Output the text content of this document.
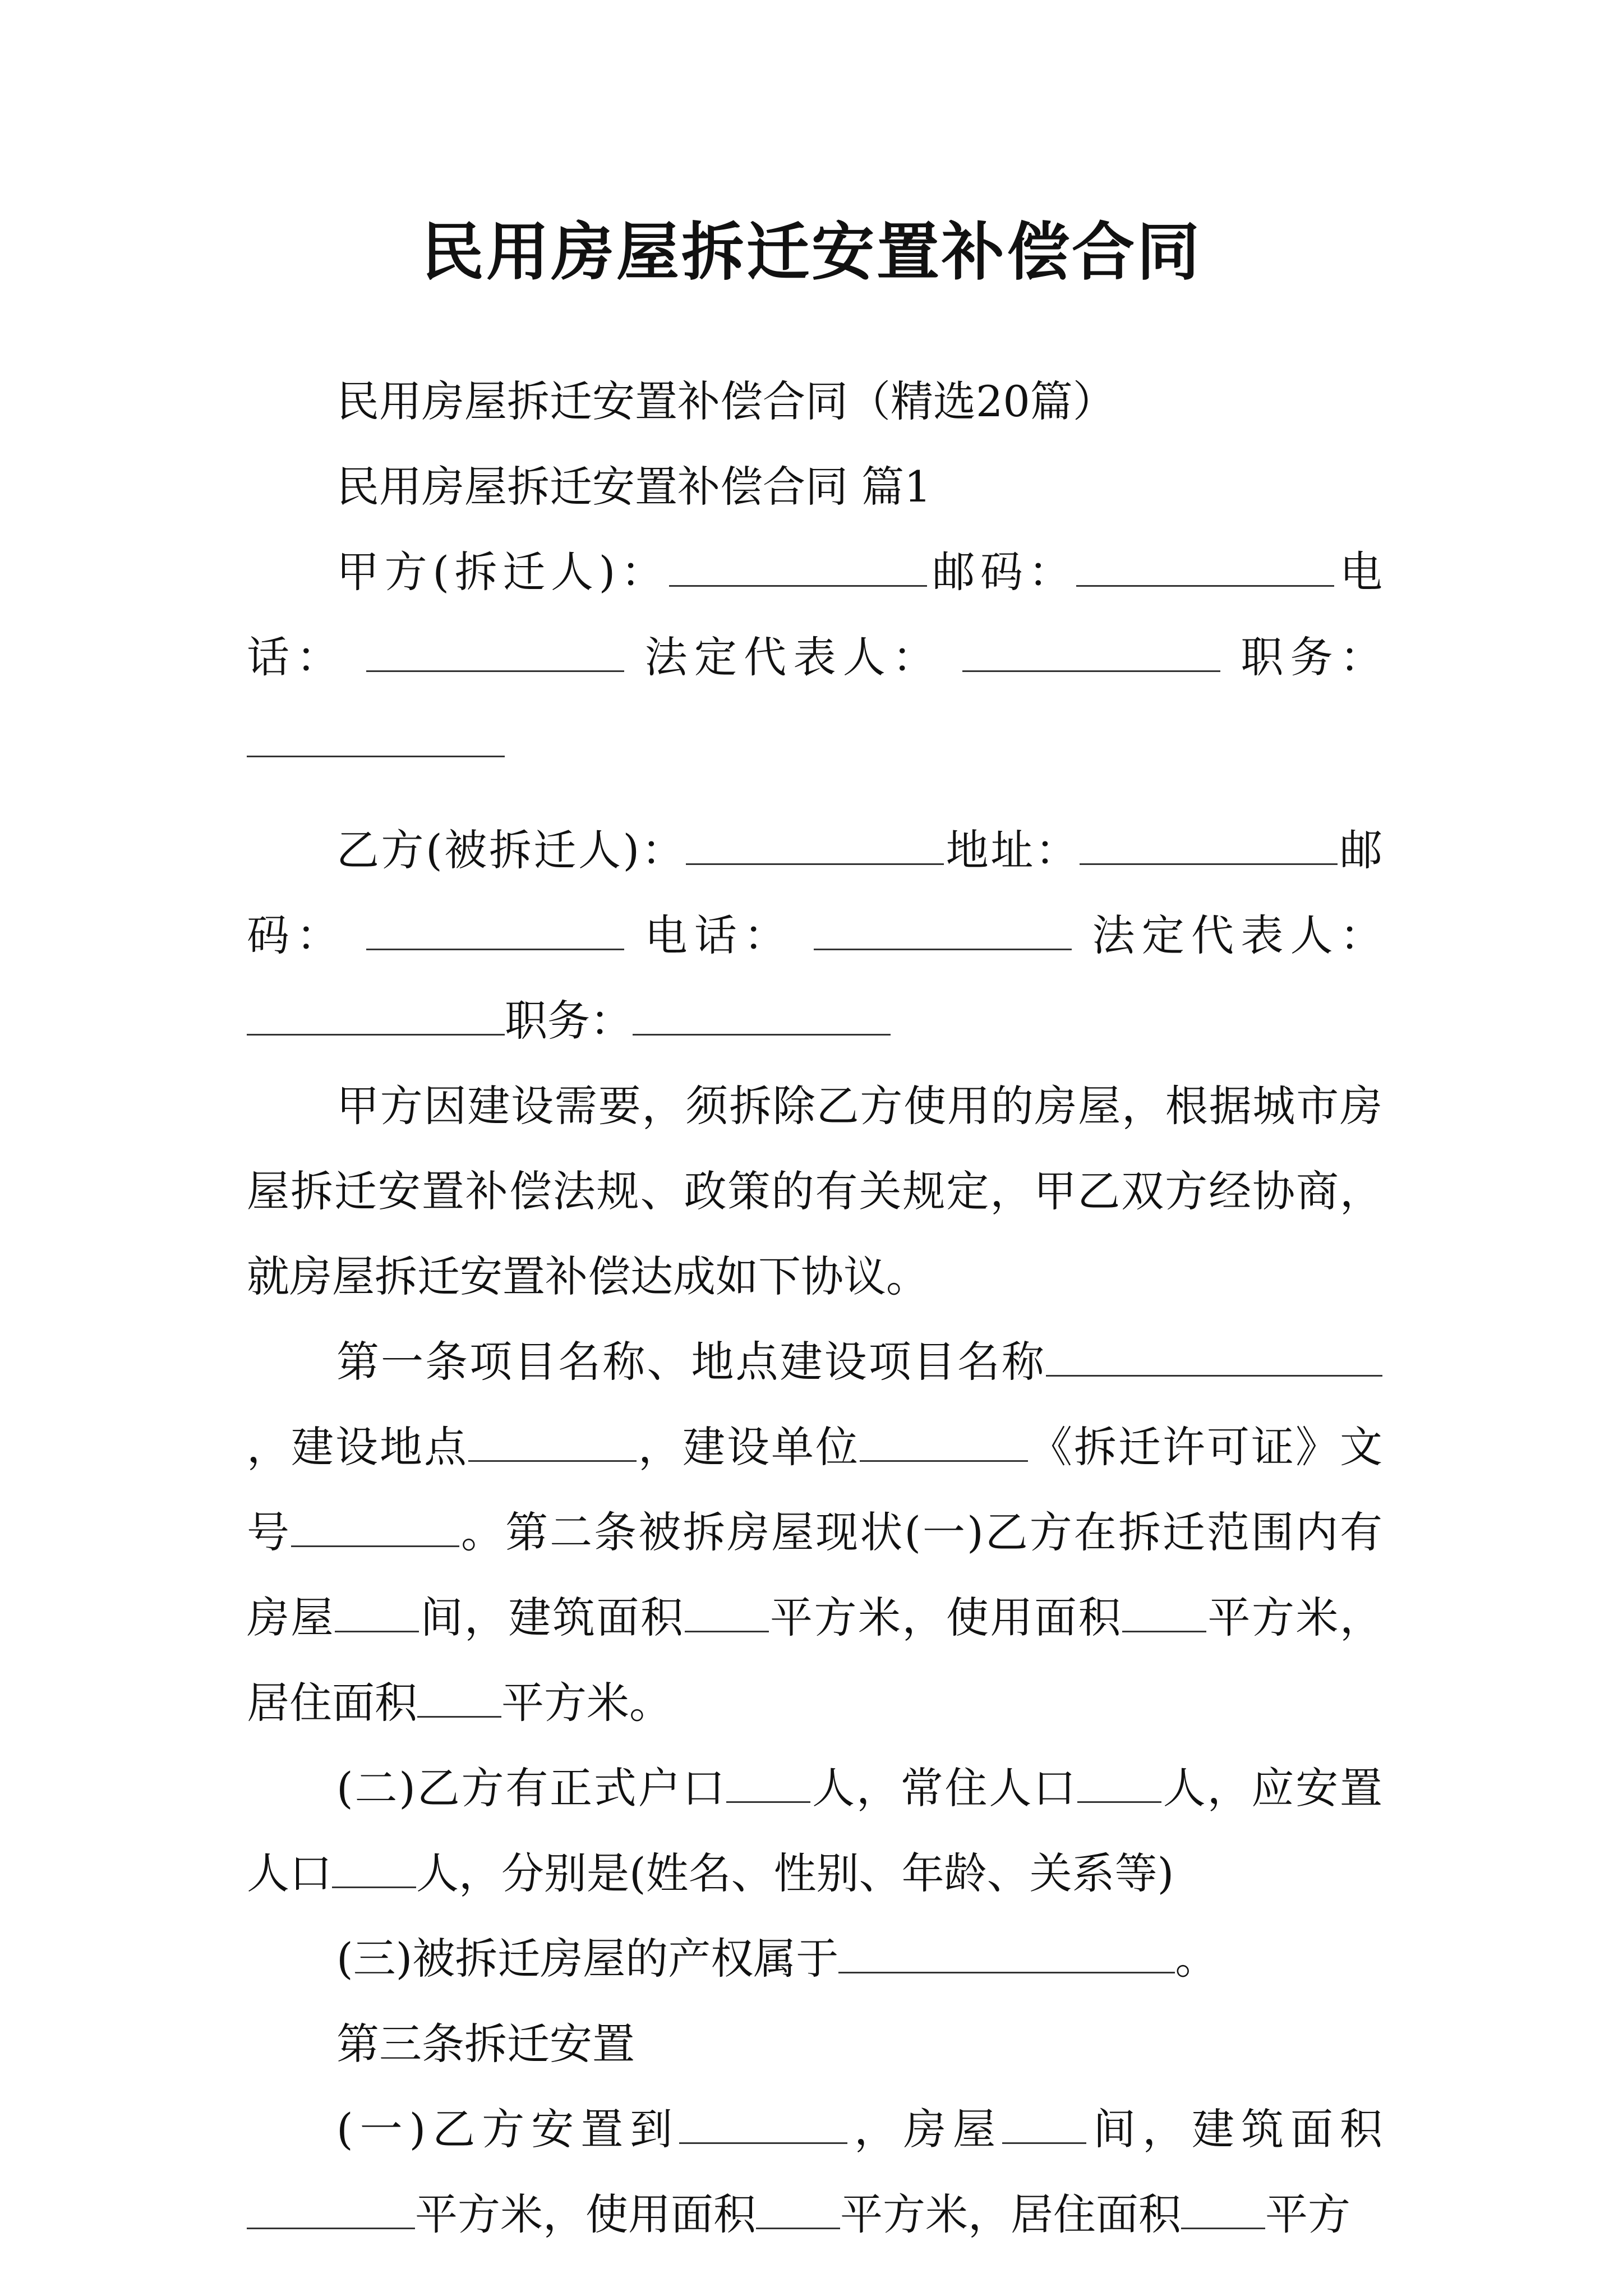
民用房屋拆迁安置补偿合同

民用房屋拆迁安置补偿合同（精选20篇）

民用房屋拆迁安置补偿合同 篇1

甲方(拆迁人)：	邮码：	电话：	法定代表人：	职务：

乙方(被拆迁人)：	地址：	邮码：	电话：	法定代表人： 职务：

甲方因建设需要，须拆除乙方使用的房屋，根据城市房屋拆迁安置补偿法规、政策的有关规定，甲乙双方经协商，就房屋拆迁安置补偿达成如下协议。

第一条项目名称、地点建设项目名称，建设地点	，建设单位	《拆迁许可证》文号	。第二条被拆房屋现状(一)乙方在拆迁范围内有房屋 间，建筑面积 平方米，使用面积 平方米，居住面积 平方米。

(二)乙方有正式户口 人，常住人口 人，应安置人口 人，分别是(姓名、性别、年龄、关系等)

(三)被拆迁房屋的产权属于	。

第三条拆迁安置

(一)乙方安置到	，房屋 间，建筑面积平方米，使用面积 平方米，居住面积 平方
